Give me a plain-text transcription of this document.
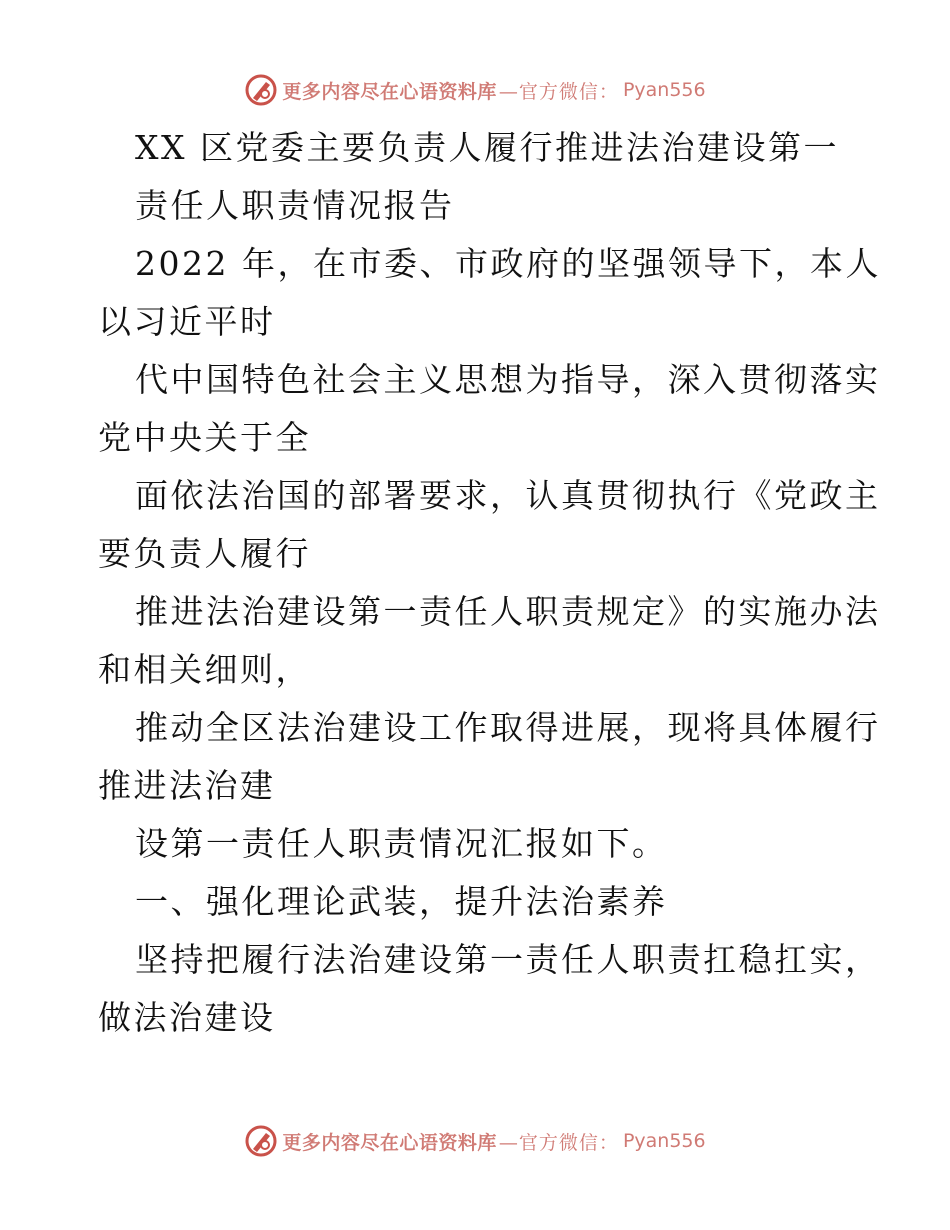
更多内容尽在心语资料库 —官方微信： Pyan556

XX 区党委主要负责人履行推进法治建设第一

责任人职责情况报告

2022 年，在市委、市政府的坚强领导下，本人

以习近平时

代中国特色社会主义思想为指导，深入贯彻落实

党中央关于全

面依法治国的部署要求，认真贯彻执行《党政主

要负责人履行

推进法治建设第一责任人职责规定》的实施办法

和相关细则，

推动全区法治建设工作取得进展，现将具体履行

推进法治建

设第一责任人职责情况汇报如下。

一、强化理论武装，提升法治素养

坚持把履行法治建设第一责任人职责扛稳扛实，

做法治建设

更多内容尽在心语资料库 —官方微信： Pyan556
